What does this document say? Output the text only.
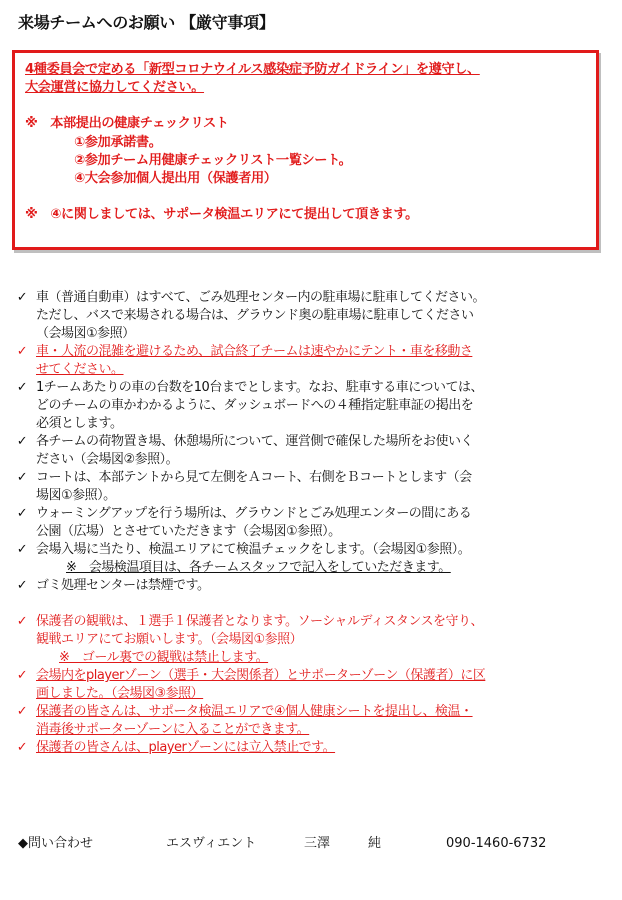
来場チームへのお願い 【厳守事項】
4種委員会で定める「新型コロナウイルス感染症予防ガイドライン」を遵守し、
大会運営に協力してください。
※　本部提出の健康チェックリスト
①参加承諾書。
②参加チーム用健康チェックリスト一覧シート。
④大会参加個人提出用（保護者用）
※　④に関しましては、サポータ検温エリアにて提出して頂きます。
✓ 車（普通自動車）はすべて、ごみ処理センター内の駐車場に駐車してください。
ただし、バスで来場される場合は、グラウンド奥の駐車場に駐車してください
（会場図①参照）
✓ 車・人流の混雑を避けるため、試合終了チームは速やかにテント・車を移動さ
せてください。
✓ 1チームあたりの車の台数を10台までとします。なお、駐車する車については、
どのチームの車かわかるように、ダッシュボードへの４種指定駐車証の掲出を
必須とします。
✓ 各チームの荷物置き場、休憩場所について、運営側で確保した場所をお使いく
ださい（会場図②参照）。
✓ コートは、本部テントから見て左側をＡコート、右側をＢコートとします（会
場図①参照）。
✓ ウォーミングアップを行う場所は、グラウンドとごみ処理エンターの間にある
公園（広場）とさせていただきます（会場図①参照）。
✓ 会場入場に当たり、検温エリアにて検温チェックをします。（会場図①参照）。
※　会場検温項目は、各チームスタッフで記入をしていただきます。
✓ ゴミ処理センターは禁煙です。
✓ 保護者の観戦は、１選手１保護者となります。ソーシャルディスタンスを守り、
観戦エリアにてお願いします。（会場図①参照）
※　ゴール裏での観戦は禁止します。
✓ 会場内をplayerゾーン（選手・大会関係者）とサポーターゾーン（保護者）に区
画しました。（会場図③参照）
✓ 保護者の皆さんは、サポータ検温エリアで④個人健康シートを提出し、検温・
消毒後サポーターゾーンに入ることができます。
✓ 保護者の皆さんは、playerゾーンには立入禁止です。
◆問い合わせ	エスヴィエント	三澤	純	090-1460-6732
